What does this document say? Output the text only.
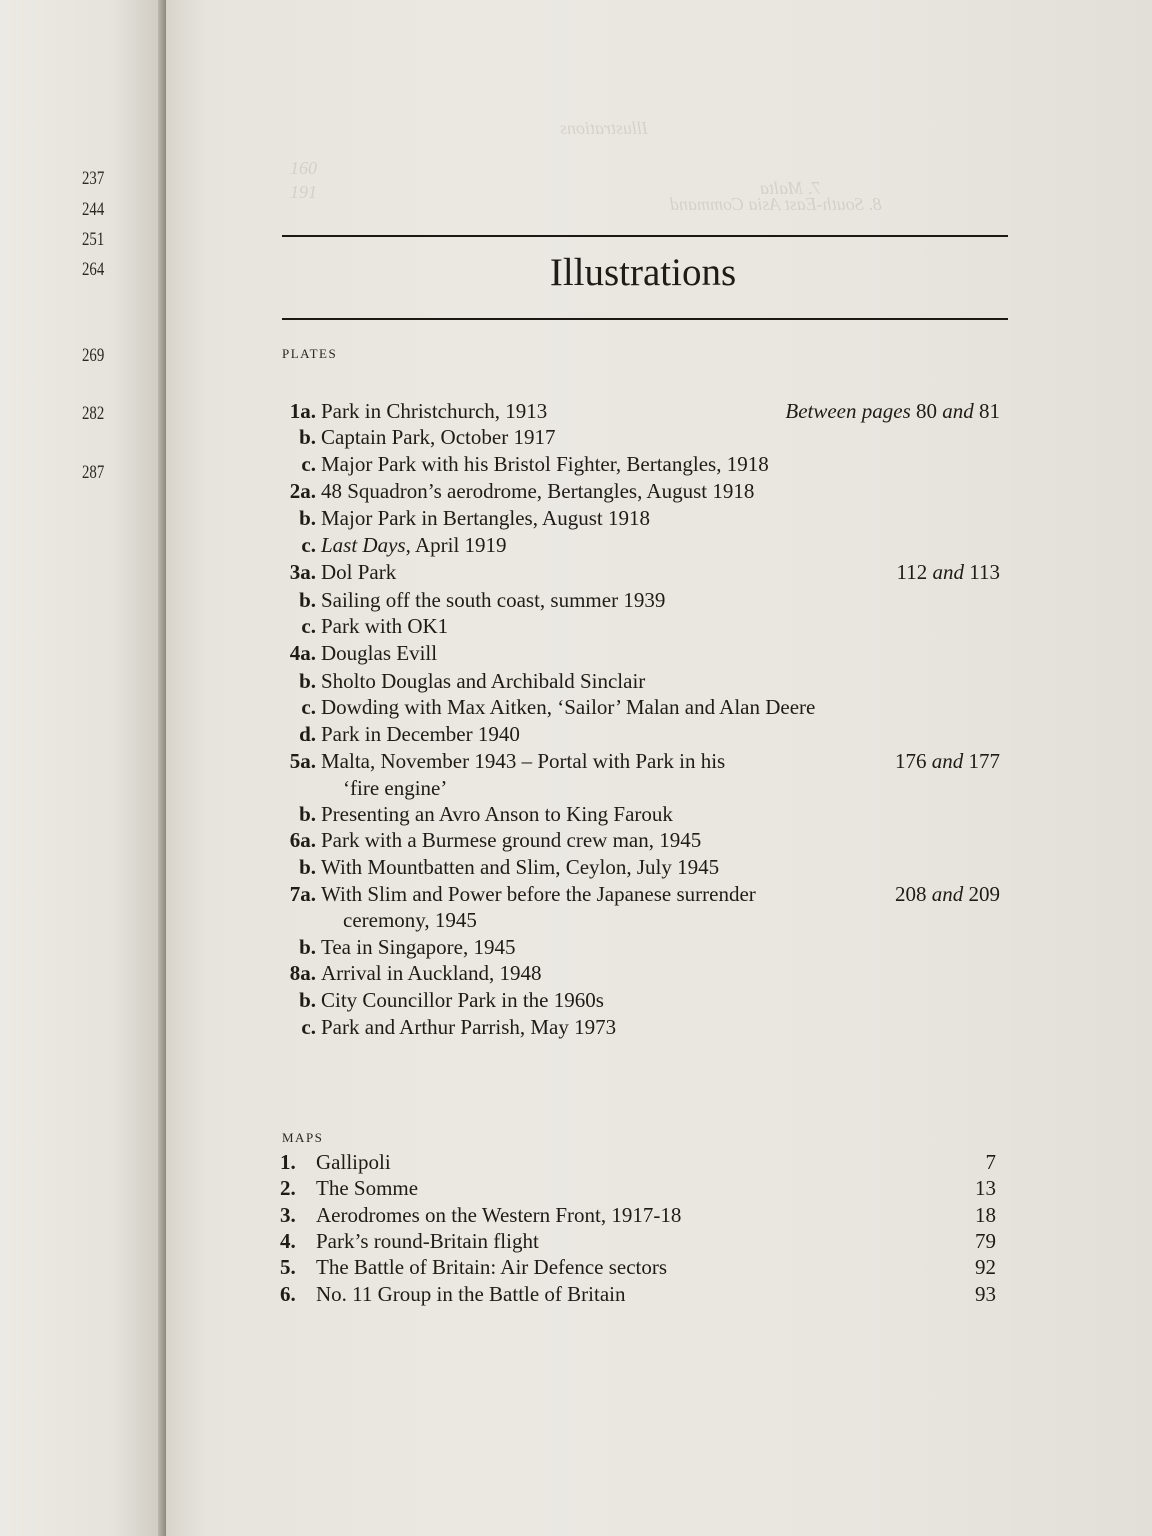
237
244
251
264
269
282
287
Illustrations
7. Malta
8. South-East Asia Command
160
191
Illustrations
PLATES
1a. Park in Christchurch, 1913	Between pages 80 and 81
b. Captain Park, October 1917
c. Major Park with his Bristol Fighter, Bertangles, 1918
2a. 48 Squadron’s aerodrome, Bertangles, August 1918
b. Major Park in Bertangles, August 1918
c. Last Days, April 1919
3a. Dol Park	112 and 113
b. Sailing off the south coast, summer 1939
c. Park with OK1
4a. Douglas Evill
b. Sholto Douglas and Archibald Sinclair
c. Dowding with Max Aitken, ‘Sailor’ Malan and Alan Deere
d. Park in December 1940
5a. Malta, November 1943 – Portal with Park in his	176 and 177
‘fire engine’
b. Presenting an Avro Anson to King Farouk
6a. Park with a Burmese ground crew man, 1945
b. With Mountbatten and Slim, Ceylon, July 1945
7a. With Slim and Power before the Japanese surrender	208 and 209
ceremony, 1945
b. Tea in Singapore, 1945
8a. Arrival in Auckland, 1948
b. City Councillor Park in the 1960s
c. Park and Arthur Parrish, May 1973
MAPS
1. Gallipoli	7
2. The Somme	13
3. Aerodromes on the Western Front, 1917-18	18
4. Park’s round-Britain flight	79
5. The Battle of Britain: Air Defence sectors	92
6. No. 11 Group in the Battle of Britain	93
